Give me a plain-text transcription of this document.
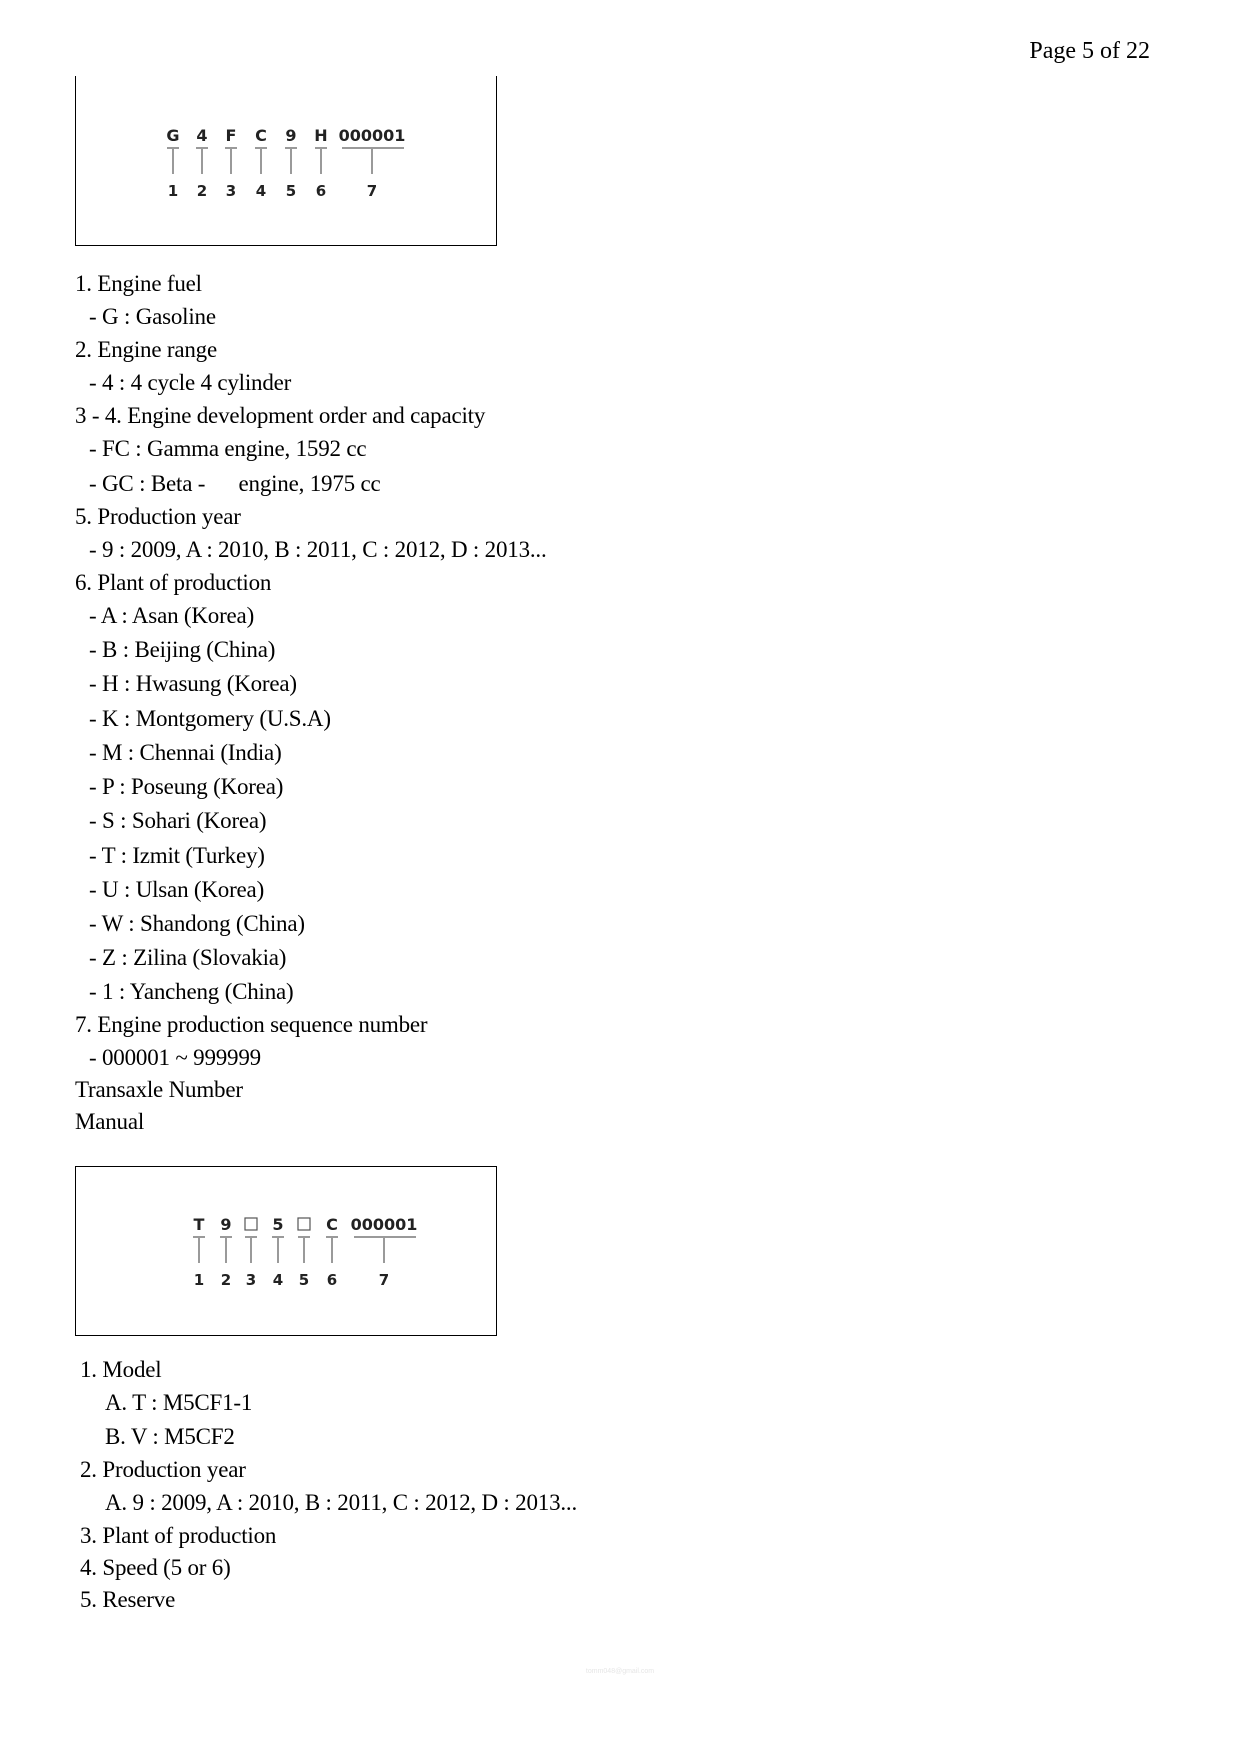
Page 5 of 22
G 4 F C 9 H 000001
1 2 3 4 5 6	7
1. Engine fuel
- G : Gasoline
2. Engine range
- 4 : 4 cycle 4 cylinder
3 - 4. Engine development order and capacity
- FC : Gamma engine, 1592 cc
- GC : Beta -      engine, 1975 cc
5. Production year
- 9 : 2009, A : 2010, B : 2011, C : 2012, D : 2013...
6. Plant of production
- A : Asan (Korea)
- B : Beijing (China)
- H : Hwasung (Korea)
- K : Montgomery (U.S.A)
- M : Chennai (India)
- P : Poseung (Korea)
- S : Sohari (Korea)
- T : Izmit (Turkey)
- U : Ulsan (Korea)
- W : Shandong (China)
- Z : Zilina (Slovakia)
- 1 : Yancheng (China)
7. Engine production sequence number
- 000001 ~ 999999
Transaxle Number
Manual
T 9	5	C 000001
1 2 3 4 5 6	7
1. Model
A. T : M5CF1-1
B. V : M5CF2
2. Production year
A. 9 : 2009, A : 2010, B : 2011, C : 2012, D : 2013...
3. Plant of production
4. Speed (5 or 6)
5. Reserve
tomm048@gmail.com
